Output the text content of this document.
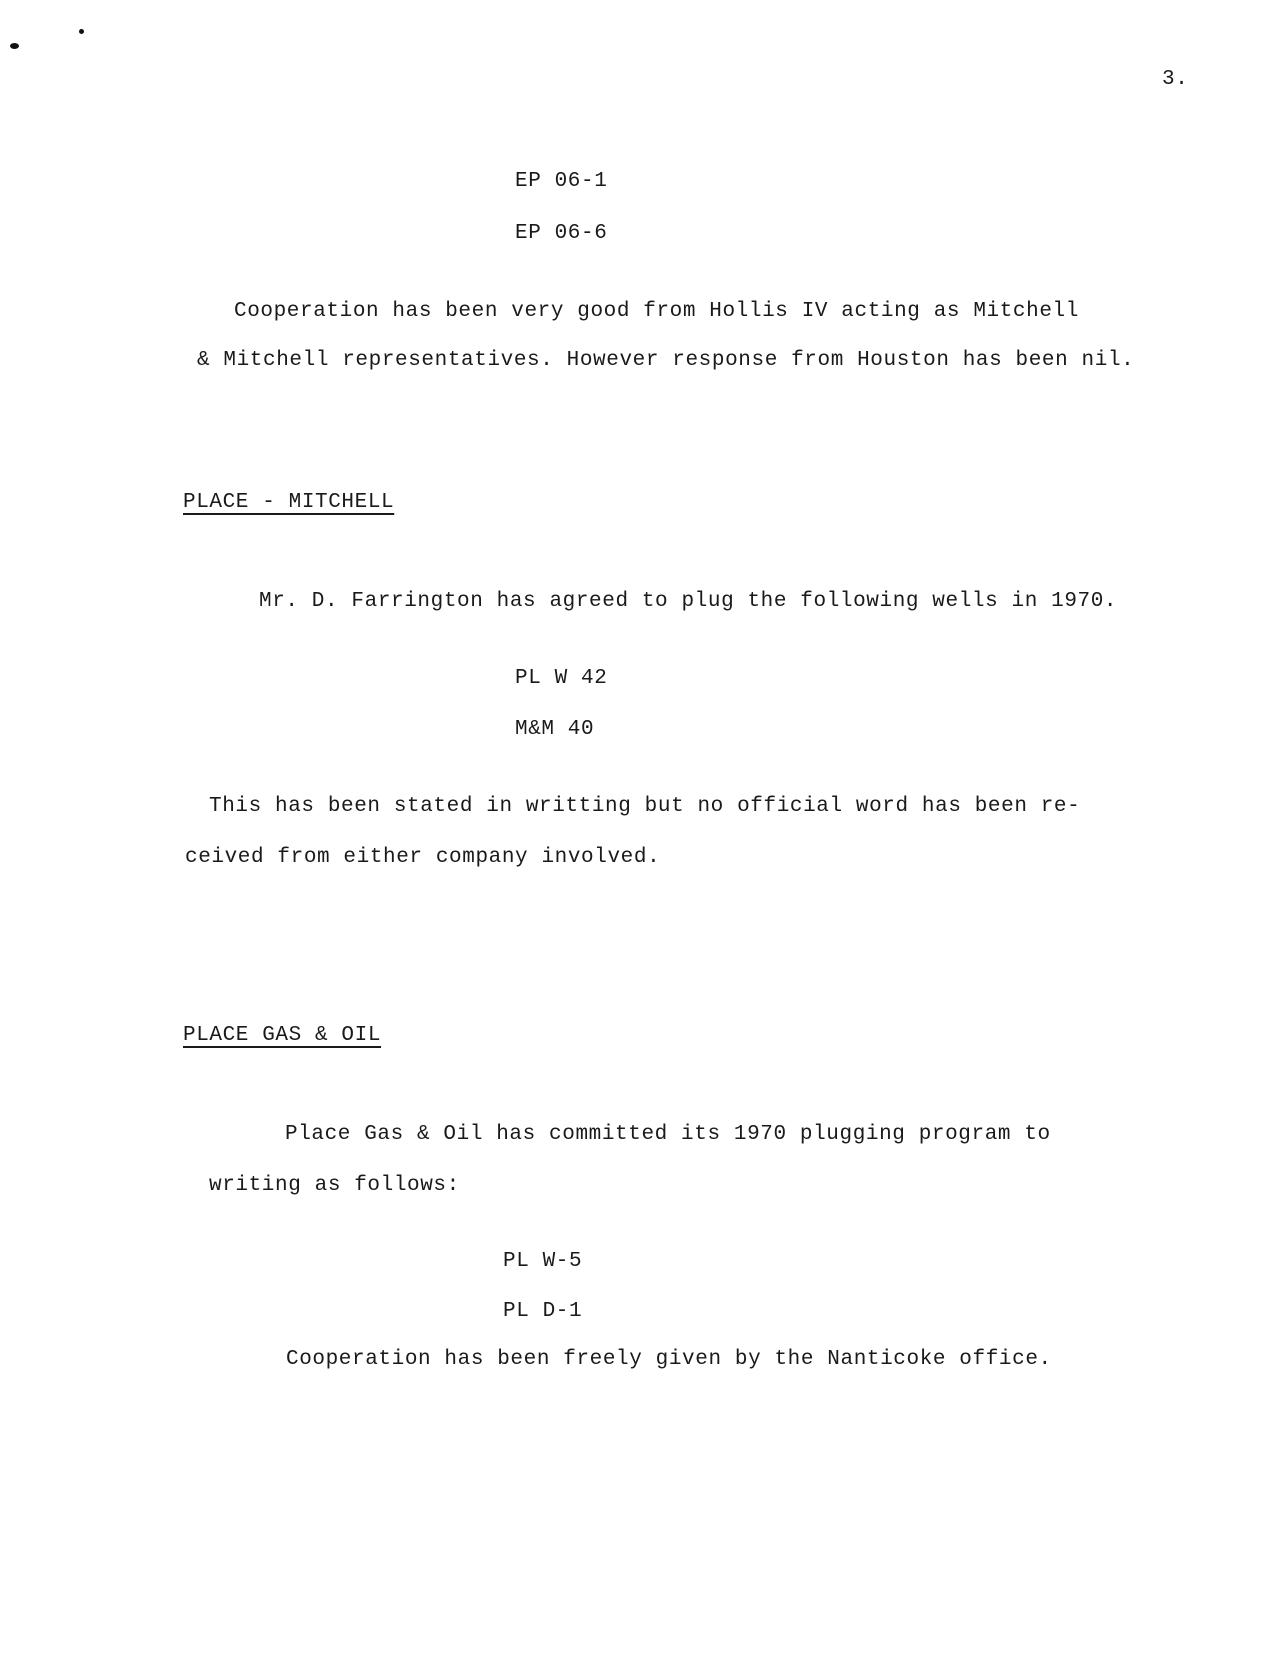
3.
EP 06-1
EP 06-6
Cooperation has been very good from Hollis IV acting as Mitchell
& Mitchell representatives. However response from Houston has been nil.
PLACE - MITCHELL
Mr. D. Farrington has agreed to plug the following wells in 1970.
PL W 42
M&M 40
This has been stated in writting but no official word has been re-
ceived from either company involved.
PLACE GAS & OIL
Place Gas & Oil has committed its 1970 plugging program to
writing as follows:
PL W-5
PL D-1
Cooperation has been freely given by the Nanticoke office.
